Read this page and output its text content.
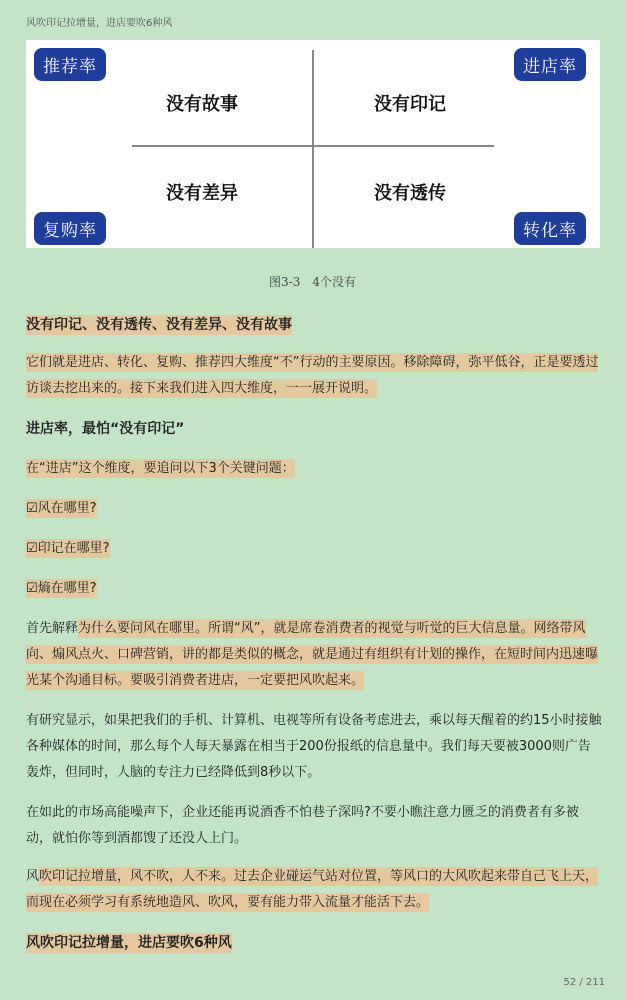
风吹印记拉增量，进店要吹6种风
没有故事	没有印记
没有差异	没有透传
推荐率	进店率
复购率	转化率
图3-3　4个没有
没有印记、没有透传、没有差异、没有故事
它们就是进店、转化、复购、推荐四大维度“不”行动的主要原因。移除障碍，弥平低谷，正是要透过访谈去挖出来的。接下来我们进入四大维度，一一展开说明。
进店率，最怕“没有印记”
在“进店”这个维度，要追问以下3个关键问题：
☑风在哪里?
☑印记在哪里?
☑熵在哪里?
首先解释为什么要问风在哪里。所谓“风”，就是席卷消费者的视觉与听觉的巨大信息量。网络带风向、煽风点火、口碑营销，讲的都是类似的概念，就是通过有组织有计划的操作，在短时间内迅速曝光某个沟通目标。要吸引消费者进店，一定要把风吹起来。
有研究显示，如果把我们的手机、计算机、电视等所有设备考虑进去，乘以每天醒着的约15小时接触各种媒体的时间，那么每个人每天暴露在相当于200份报纸的信息量中。我们每天要被3000则广告轰炸，但同时，人脑的专注力已经降低到8秒以下。
在如此的市场高能噪声下，企业还能再说酒香不怕巷子深吗?不要小瞧注意力匮乏的消费者有多被动，就怕你等到酒都馊了还没人上门。
风吹印记拉增量，风不吹，人不来。过去企业碰运气站对位置，等风口的大风吹起来带自己飞上天，而现在必须学习有系统地造风、吹风，要有能力带入流量才能活下去。
风吹印记拉增量，进店要吹6种风
52 / 211
